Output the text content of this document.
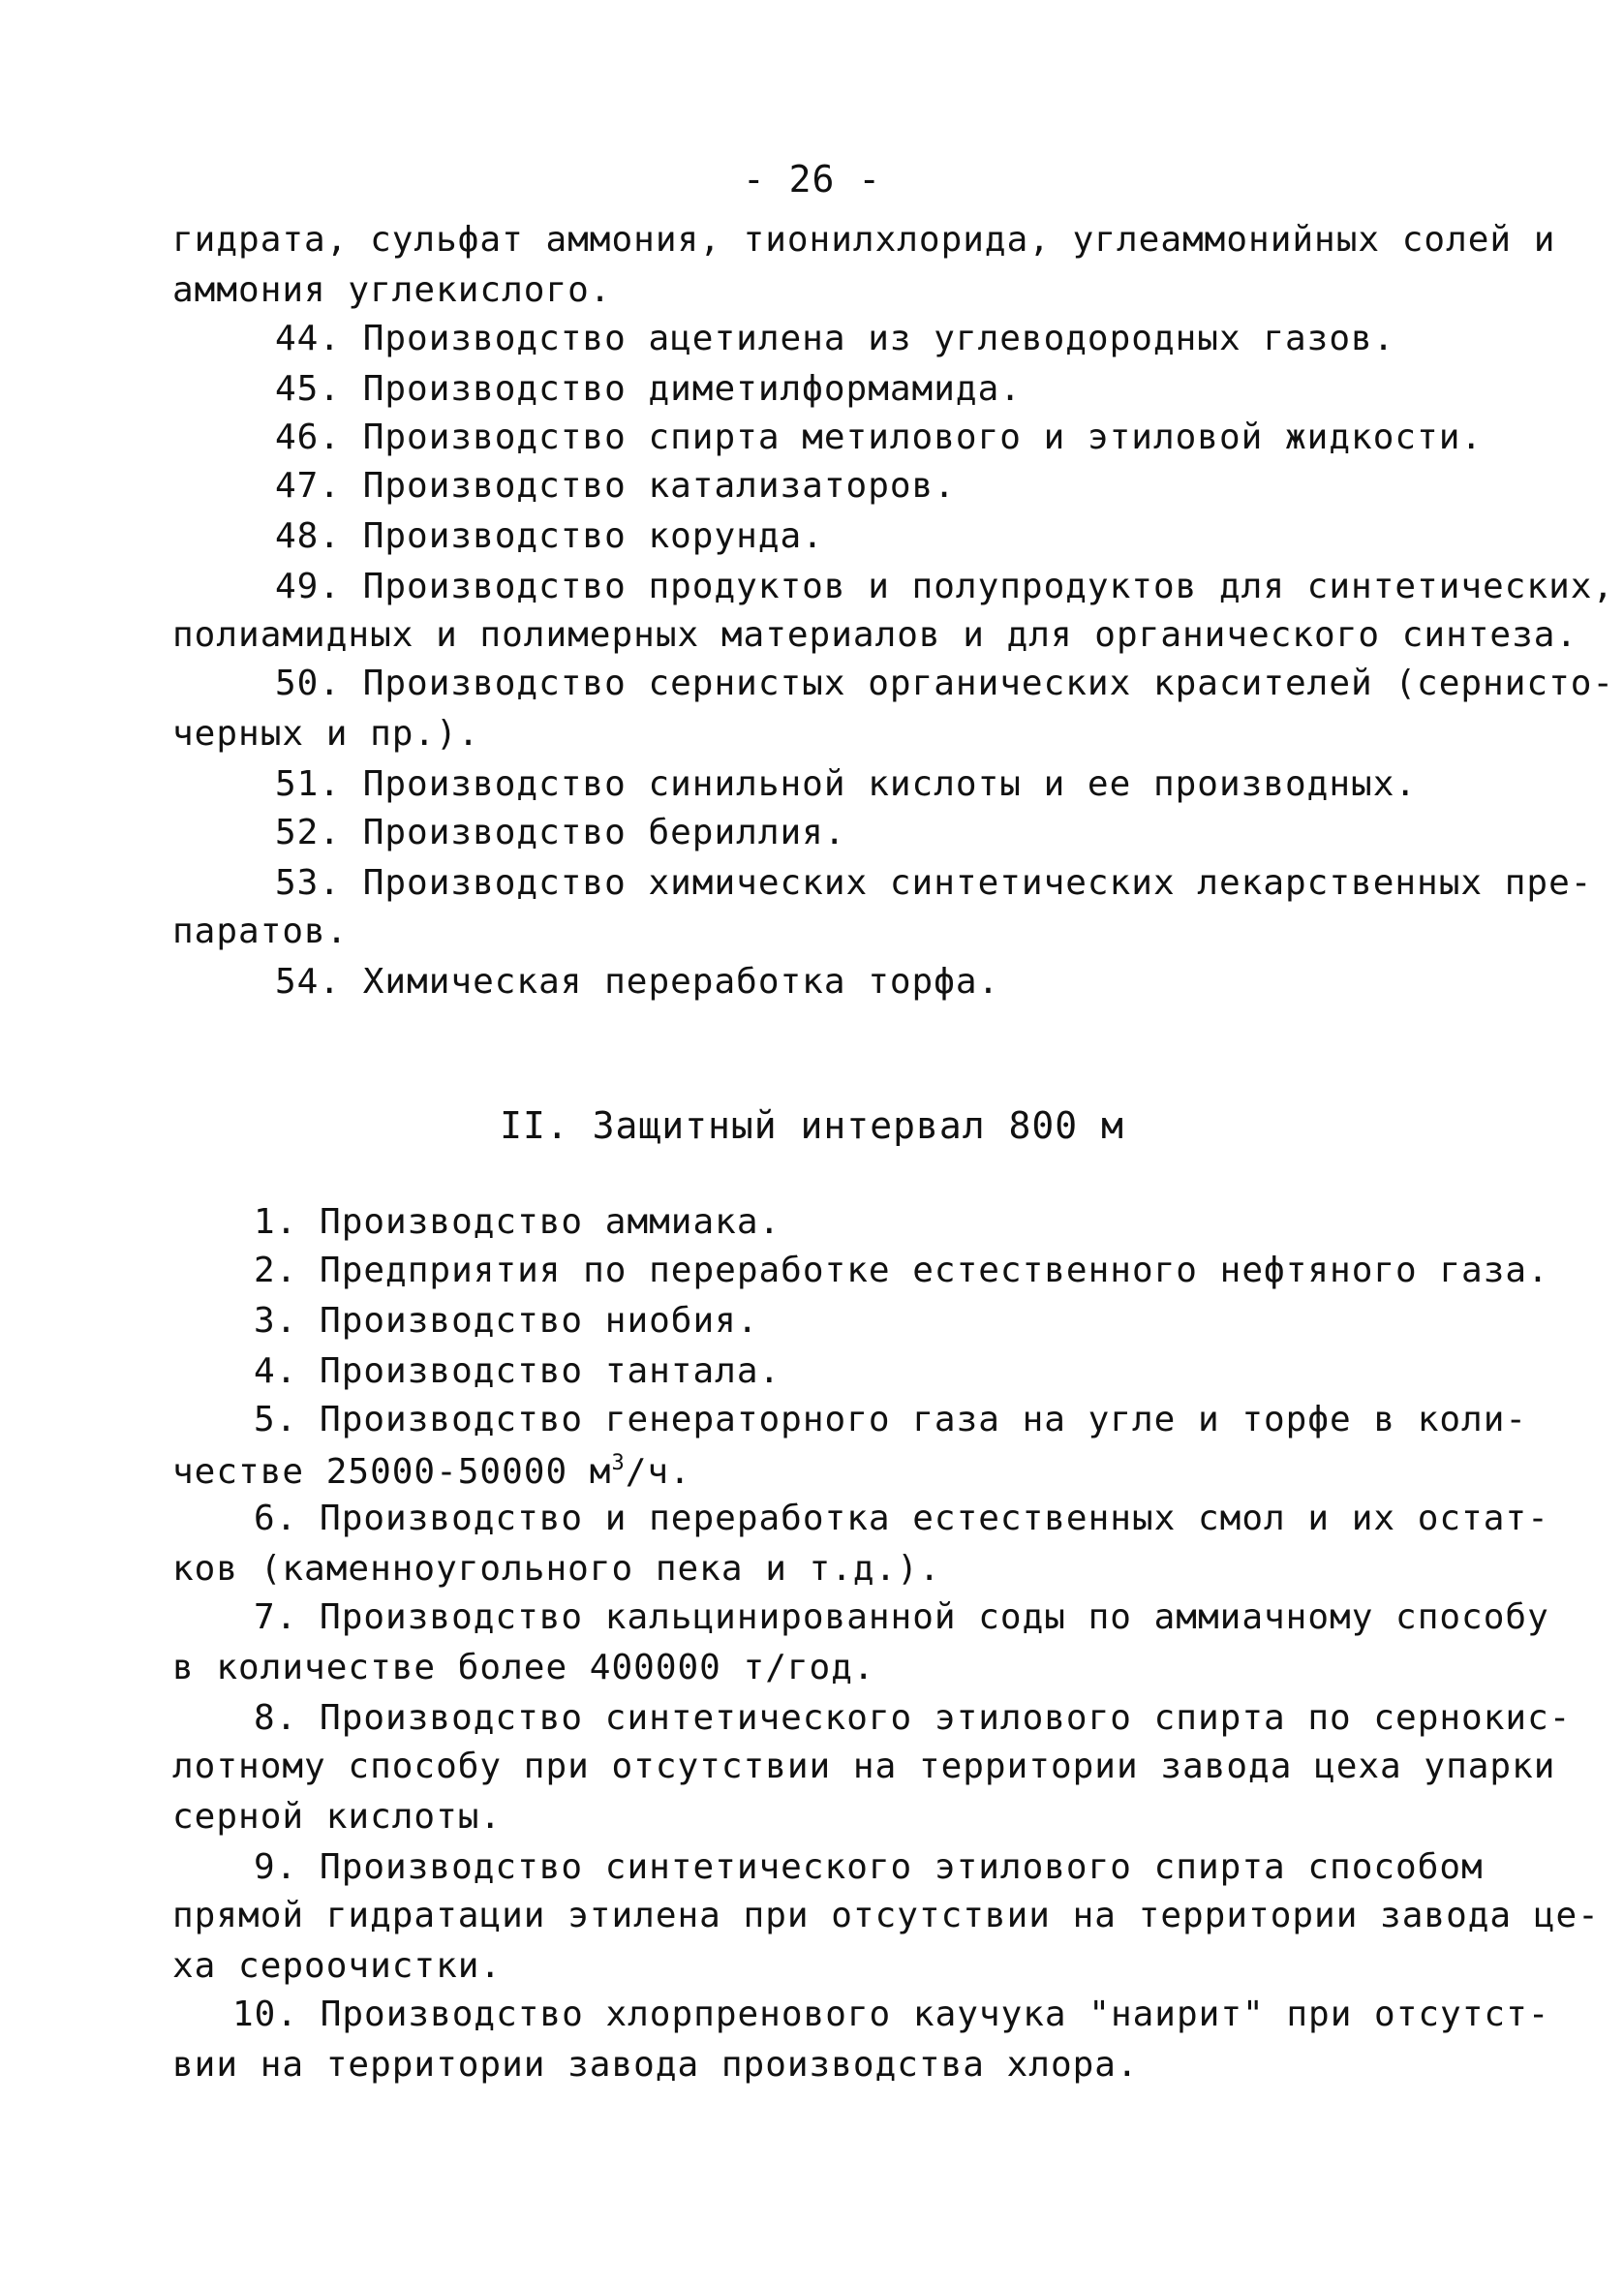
- 26 -
гидрата, сульфат аммония, тионилхлорида, углеаммонийных солей и
аммония углекислого.
44. Производство ацетилена из углеводородных газов.
45. Производство диметилформамида.
46. Производство спирта метилового и этиловой жидкости.
47. Производство катализаторов.
48. Производство корунда.
49. Производство продуктов и полупродуктов для синтетических,
полиамидных и полимерных материалов и для органического синтеза.
50. Производство сернистых органических красителей (сернисто-
черных и пр.).
51. Производство синильной кислоты и ее производных.
52. Производство бериллия.
53. Производство химических синтетических лекарственных пре-
паратов.
54. Химическая переработка торфа.
II. Защитный интервал 800 м
1. Производство аммиака.
2. Предприятия по переработке естественного нефтяного газа.
3. Производство ниобия.
4. Производство тантала.
5. Производство генераторного газа на угле и торфе в коли-
честве 25000-50000 $м^3/ч$.
6. Производство и переработка естественных смол и их остат-
ков (каменноугольного пека и т.д.).
7. Производство кальцинированной соды по аммиачному способу
в количестве более 400000 т/год.
8. Производство синтетического этилового спирта по сернокис-
лотному способу при отсутствии на территории завода цеха упарки
серной кислоты.
9. Производство синтетического этилового спирта способом
прямой гидратации этилена при отсутствии на территории завода це-
ха сероочистки.
10. Производство хлорпренового каучука "наирит" при отсутст-
вии на территории завода производства хлора.
